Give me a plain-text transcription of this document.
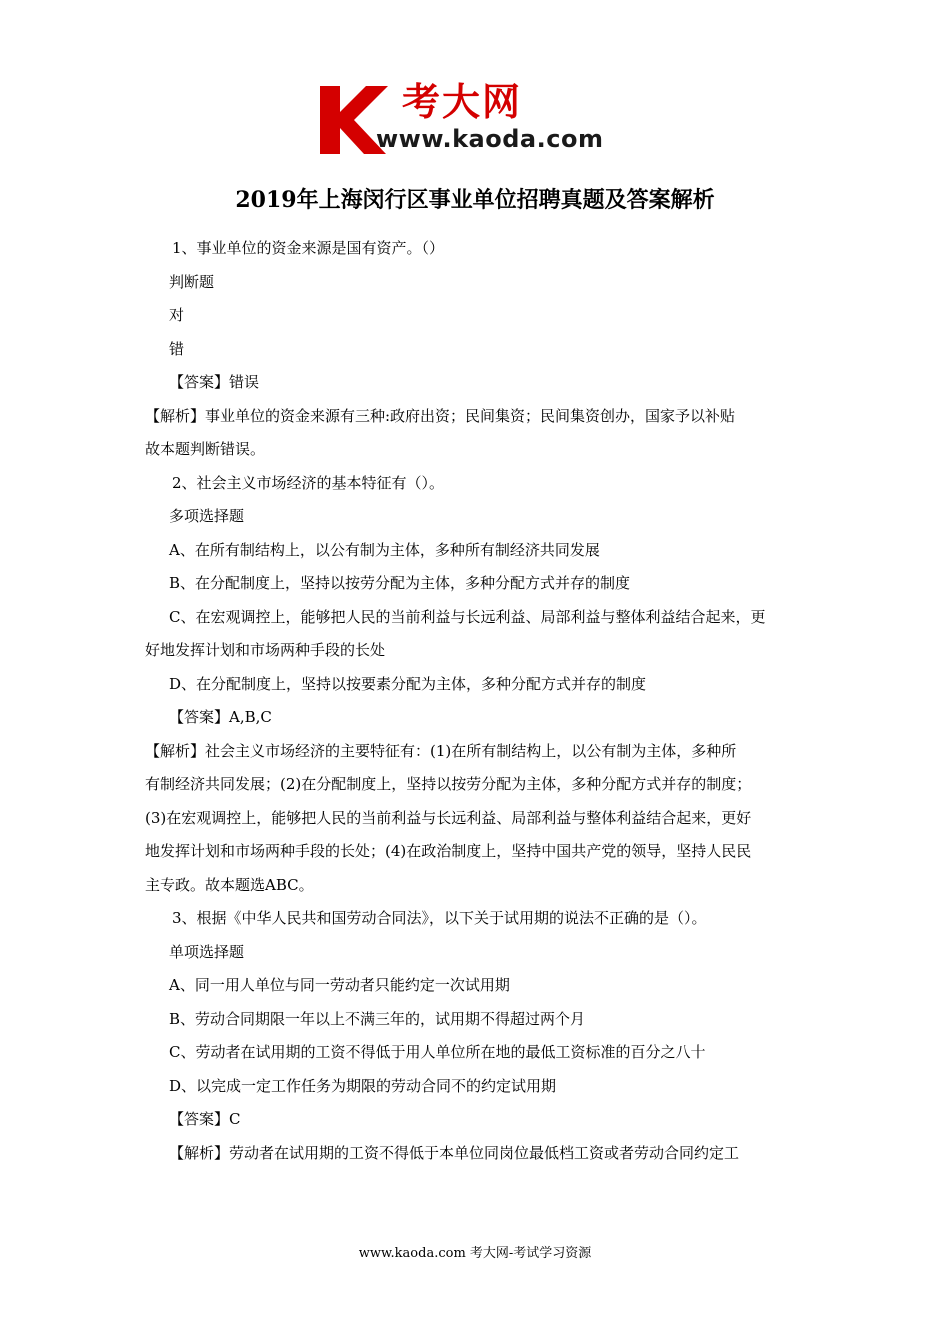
考大网
www.kaoda.com
2019年上海闵行区事业单位招聘真题及答案解析

1、事业单位的资金来源是国有资产。（）

判断题

对

错

【答案】错误

【解析】事业单位的资金来源有三种:政府出资；民间集资；民间集资创办，国家予以补贴

故本题判断错误。

2、社会主义市场经济的基本特征有（）。

多项选择题

A、在所有制结构上，以公有制为主体，多种所有制经济共同发展

B、在分配制度上，坚持以按劳分配为主体，多种分配方式并存的制度

C、在宏观调控上，能够把人民的当前利益与长远利益、局部利益与整体利益结合起来，更

好地发挥计划和市场两种手段的长处

D、在分配制度上，坚持以按要素分配为主体，多种分配方式并存的制度

【答案】A,B,C

【解析】社会主义市场经济的主要特征有：(1)在所有制结构上，以公有制为主体，多种所

有制经济共同发展；(2)在分配制度上，坚持以按劳分配为主体，多种分配方式并存的制度；

(3)在宏观调控上，能够把人民的当前利益与长远利益、局部利益与整体利益结合起来，更好

地发挥计划和市场两种手段的长处；(4)在政治制度上，坚持中国共产党的领导，坚持人民民

主专政。故本题选ABC。

3、根据《中华人民共和国劳动合同法》，以下关于试用期的说法不正确的是（）。

单项选择题

A、同一用人单位与同一劳动者只能约定一次试用期

B、劳动合同期限一年以上不满三年的，试用期不得超过两个月

C、劳动者在试用期的工资不得低于用人单位所在地的最低工资标准的百分之八十

D、以完成一定工作任务为期限的劳动合同不的约定试用期

【答案】C

【解析】劳动者在试用期的工资不得低于本单位同岗位最低档工资或者劳动合同约定工

www.kaoda.com 考大网-考试学习资源
